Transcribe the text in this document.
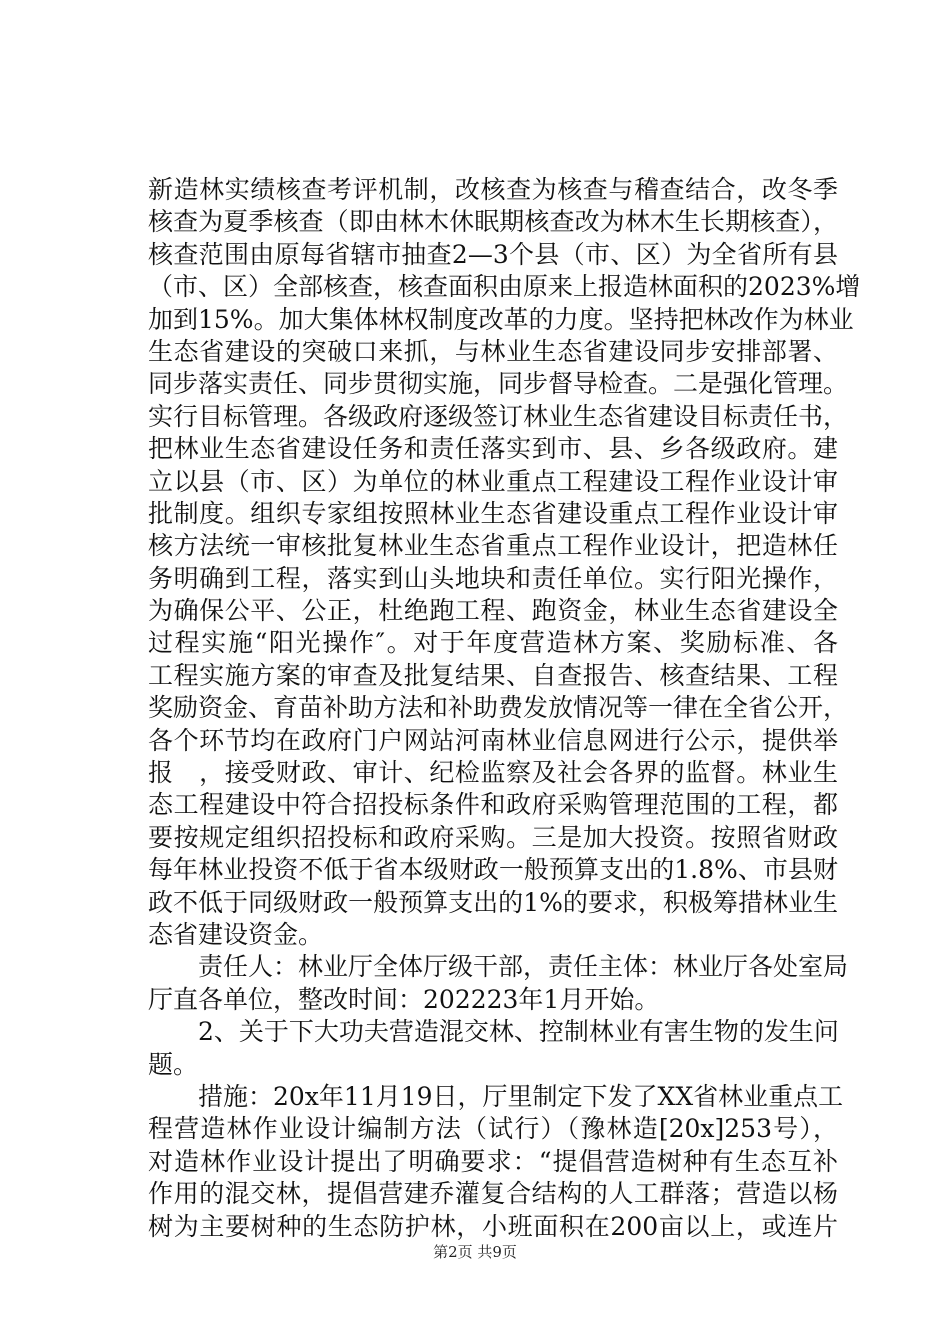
新造林实绩核查考评机制，改核查为核查与稽查结合，改冬季
核查为夏季核查（即由林木休眠期核查改为林木生长期核查），
核查范围由原每省辖市抽查2—3个县（市、区）为全省所有县
（市、区）全部核查，核查面积由原来上报造林面积的2023%增
加到15%。加大集体林权制度改革的力度。坚持把林改作为林业
生态省建设的突破口来抓，与林业生态省建设同步安排部署、
同步落实责任、同步贯彻实施，同步督导检查。二是强化管理。
实行目标管理。各级政府逐级签订林业生态省建设目标责任书，
把林业生态省建设任务和责任落实到市、县、乡各级政府。建
立以县（市、区）为单位的林业重点工程建设工程作业设计审
批制度。组织专家组按照林业生态省建设重点工程作业设计审
核方法统一审核批复林业生态省重点工程作业设计，把造林任
务明确到工程，落实到山头地块和责任单位。实行阳光操作，
为确保公平、公正，杜绝跑工程、跑资金，林业生态省建设全
过程实施“阳光操作″。对于年度营造林方案、奖励标准、各
工程实施方案的审查及批复结果、自查报告、核查结果、工程
奖励资金、育苗补助方法和补助费发放情况等一律在全省公开，
各个环节均在政府门户网站河南林业信息网进行公示，提供举
报　，接受财政、审计、纪检监察及社会各界的监督。林业生
态工程建设中符合招投标条件和政府采购管理范围的工程，都
要按规定组织招投标和政府采购。三是加大投资。按照省财政
每年林业投资不低于省本级财政一般预算支出的1.8%、市县财
政不低于同级财政一般预算支出的1%的要求，积极筹措林业生
态省建设资金。
　　责任人：林业厅全体厅级干部，责任主体：林业厅各处室局
厅直各单位，整改时间：202223年1月开始。
　　2、关于下大功夫营造混交林、控制林业有害生物的发生问
题。
　　措施：20x年11月19日，厅里制定下发了XX省林业重点工
程营造林作业设计编制方法（试行）（豫林造[20x]253号），
对造林作业设计提出了明确要求：“提倡营造树种有生态互补
作用的混交林，提倡营建乔灌复合结构的人工群落；营造以杨
树为主要树种的生态防护林，小班面积在200亩以上，或连片
第2页 共9页
